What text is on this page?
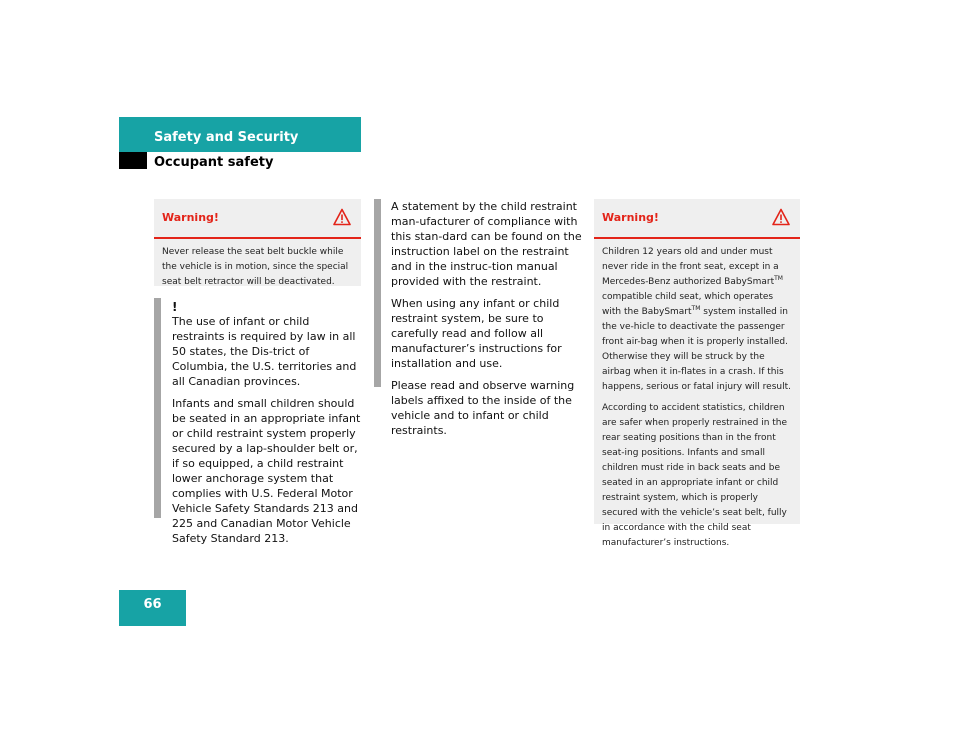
Safety and Security
Occupant safety
Warning!

Never release the seat belt buckle while the vehicle is in motion, since the special seat belt retractor will be deactivated.

!

The use of infant or child restraints is required by law in all 50 states, the Dis-trict of Columbia, the U.S. territories and all Canadian provinces.

Infants and small children should be seated in an appropriate infant or child restraint system properly secured by a lap-shoulder belt or, if so equipped, a child restraint lower anchorage system that complies with U.S. Federal Motor Vehicle Safety Standards 213 and 225 and Canadian Motor Vehicle Safety Standard 213.

A statement by the child restraint man-ufacturer of compliance with this stan-dard can be found on the instruction label on the restraint and in the instruc-tion manual provided with the restraint.

When using any infant or child restraint system, be sure to carefully read and follow all manufacturer’s instructions for installation and use.

Please read and observe warning labels affixed to the inside of the vehicle and to infant or child restraints.

Warning!

Children 12 years old and under must never ride in the front seat, except in a Mercedes-Benz authorized BabySmart™ compatible child seat, which operates with the BabySmart™ system installed in the ve-hicle to deactivate the passenger front air-bag when it is properly installed. Otherwise they will be struck by the airbag when it in-flates in a crash. If this happens, serious or fatal injury will result.

According to accident statistics, children are safer when properly restrained in the rear seating positions than in the front seat-ing positions. Infants and small children must ride in back seats and be seated in an appropriate infant or child restraint system, which is properly secured with the vehicle’s seat belt, fully in accordance with the child seat manufacturer’s instructions.

66
